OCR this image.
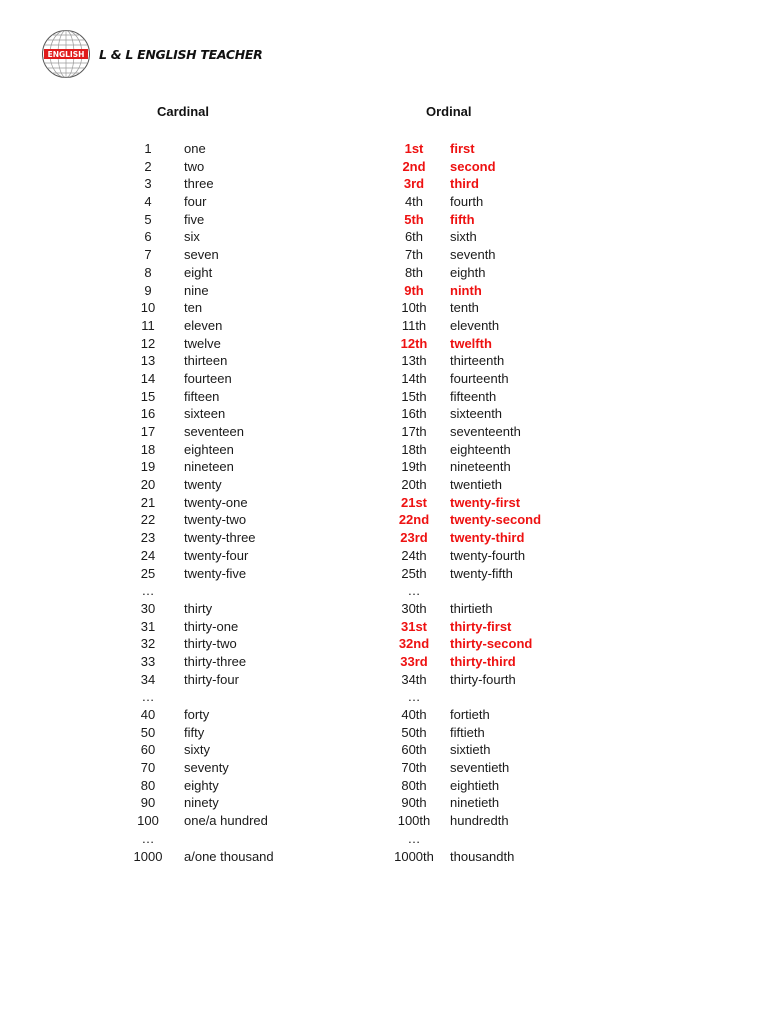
ENGLISH L & L ENGLISH TEACHER
Cardinal	Ordinal
1	one	1st	first
2	two	2nd	second
3	three	3rd	third
4	four	4th	fourth
5	five	5th	fifth
6	six	6th	sixth
7	seven	7th	seventh
8	eight	8th	eighth
9	nine	9th	ninth
10	ten	10th	tenth
11	eleven	11th	eleventh
12	twelve	12th	twelfth
13	thirteen	13th	thirteenth
14	fourteen	14th	fourteenth
15	fifteen	15th	fifteenth
16	sixteen	16th	sixteenth
17	seventeen	17th	seventeenth
18	eighteen	18th	eighteenth
19	nineteen	19th	nineteenth
20	twenty	20th	twentieth
21	twenty-one	21st	twenty-first
22	twenty-two	22nd	twenty-second
23	twenty-three	23rd	twenty-third
24	twenty-four	24th	twenty-fourth
25	twenty-five	25th	twenty-fifth
…	…
30	thirty	30th	thirtieth
31	thirty-one	31st	thirty-first
32	thirty-two	32nd	thirty-second
33	thirty-three	33rd	thirty-third
34	thirty-four	34th	thirty-fourth
…	…
40	forty	40th	fortieth
50	fifty	50th	fiftieth
60	sixty	60th	sixtieth
70	seventy	70th	seventieth
80	eighty	80th	eightieth
90	ninety	90th	ninetieth
100	one/a hundred	100th	hundredth
…	…
1000	a/one thousand	1000th	thousandth
